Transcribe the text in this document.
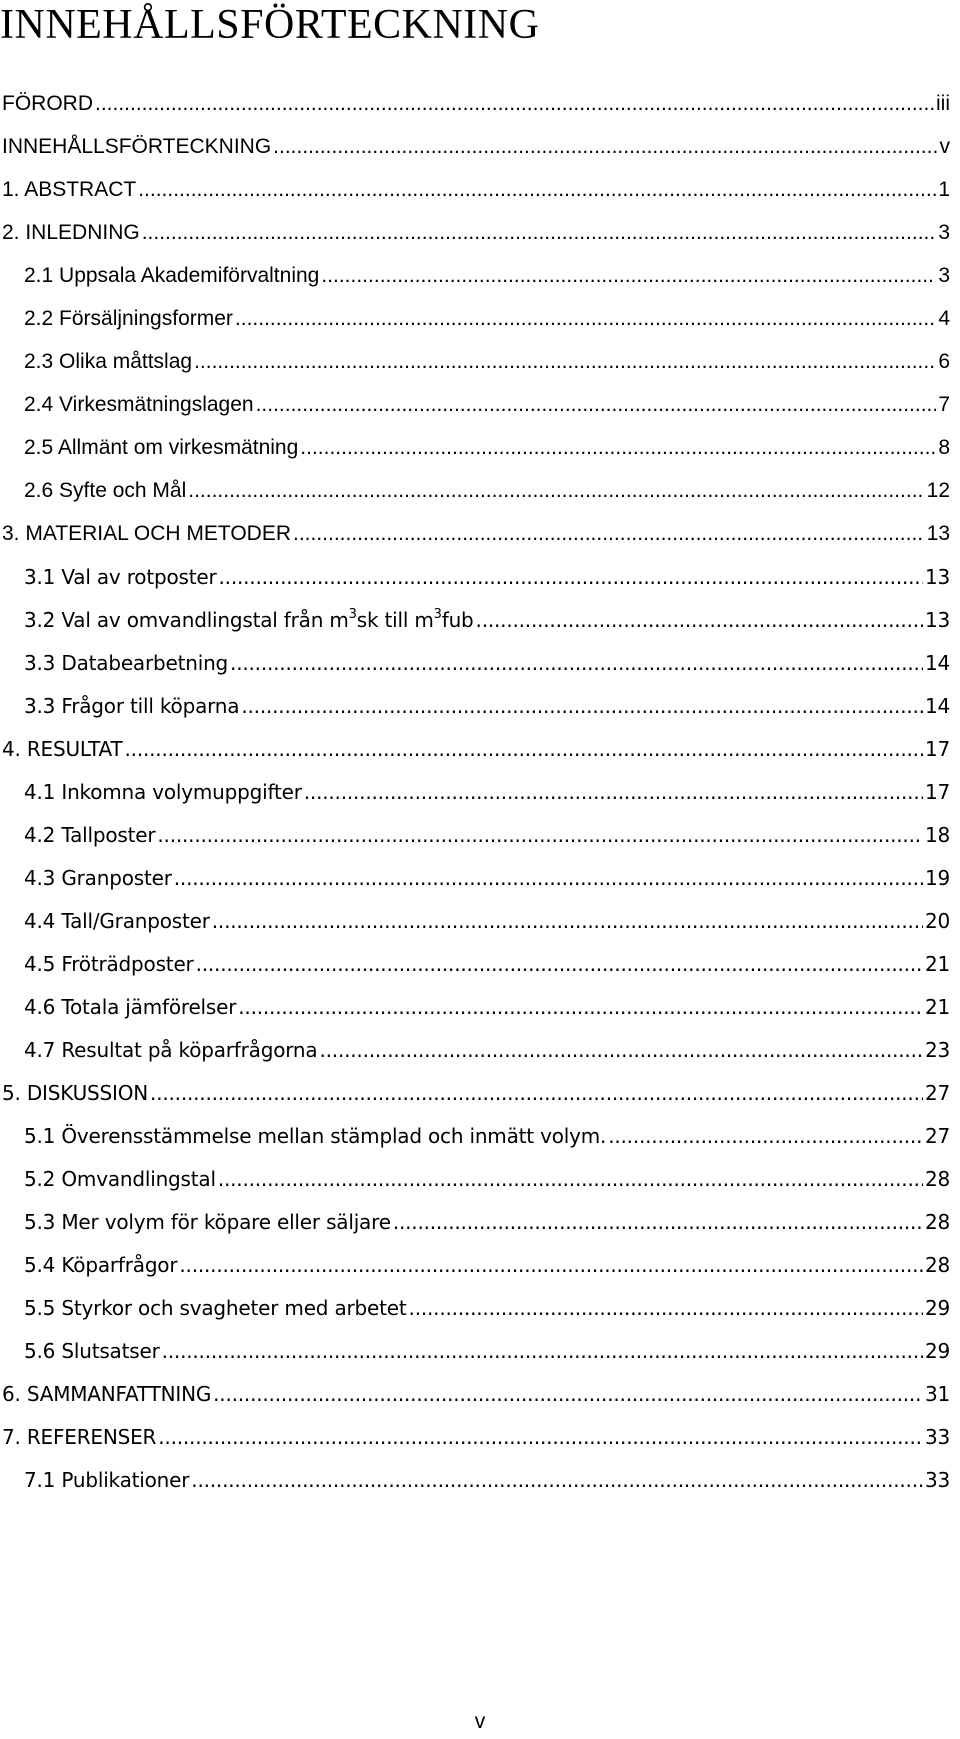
INNEHÅLLSFÖRTECKNING
FÖRORD .....	iii
INNEHÅLLSFÖRTECKNING .....	v
1. ABSTRACT .....	1
2. INLEDNING .....	3
2.1 Uppsala Akademiförvaltning .....	3
2.2 Försäljningsformer .....	4
2.3 Olika måttslag .....	6
2.4 Virkesmätningslagen .....	7
2.5 Allmänt om virkesmätning .....	8
2.6 Syfte och Mål .....	12
3. MATERIAL OCH METODER .....	13
3.1 Val av rotposter .....	13
3.2 Val av omvandlingstal från $m^3sk$ till $m^3fub$ .....	13
3.3 Databearbetning .....	14
3.3 Frågor till köparna .....	14
4. RESULTAT .....	17
4.1 Inkomna volymuppgifter .....	17
4.2 Tallposter .....	18
4.3 Granposter .....	19
4.4 Tall/Granposter .....	20
4.5 Fröträdposter .....	21
4.6 Totala jämförelser .....	21
4.7 Resultat på köparfrågorna .....	23
5. DISKUSSION .....	27
5.1 Överensstämmelse mellan stämplad och inmätt volym. .....	27
5.2 Omvandlingstal .....	28
5.3 Mer volym för köpare eller säljare .....	28
5.4 Köparfrågor .....	28
5.5 Styrkor och svagheter med arbetet .....	29
5.6 Slutsatser .....	29
6. SAMMANFATTNING .....	31
7. REFERENSER .....	33
7.1 Publikationer .....	33
v
